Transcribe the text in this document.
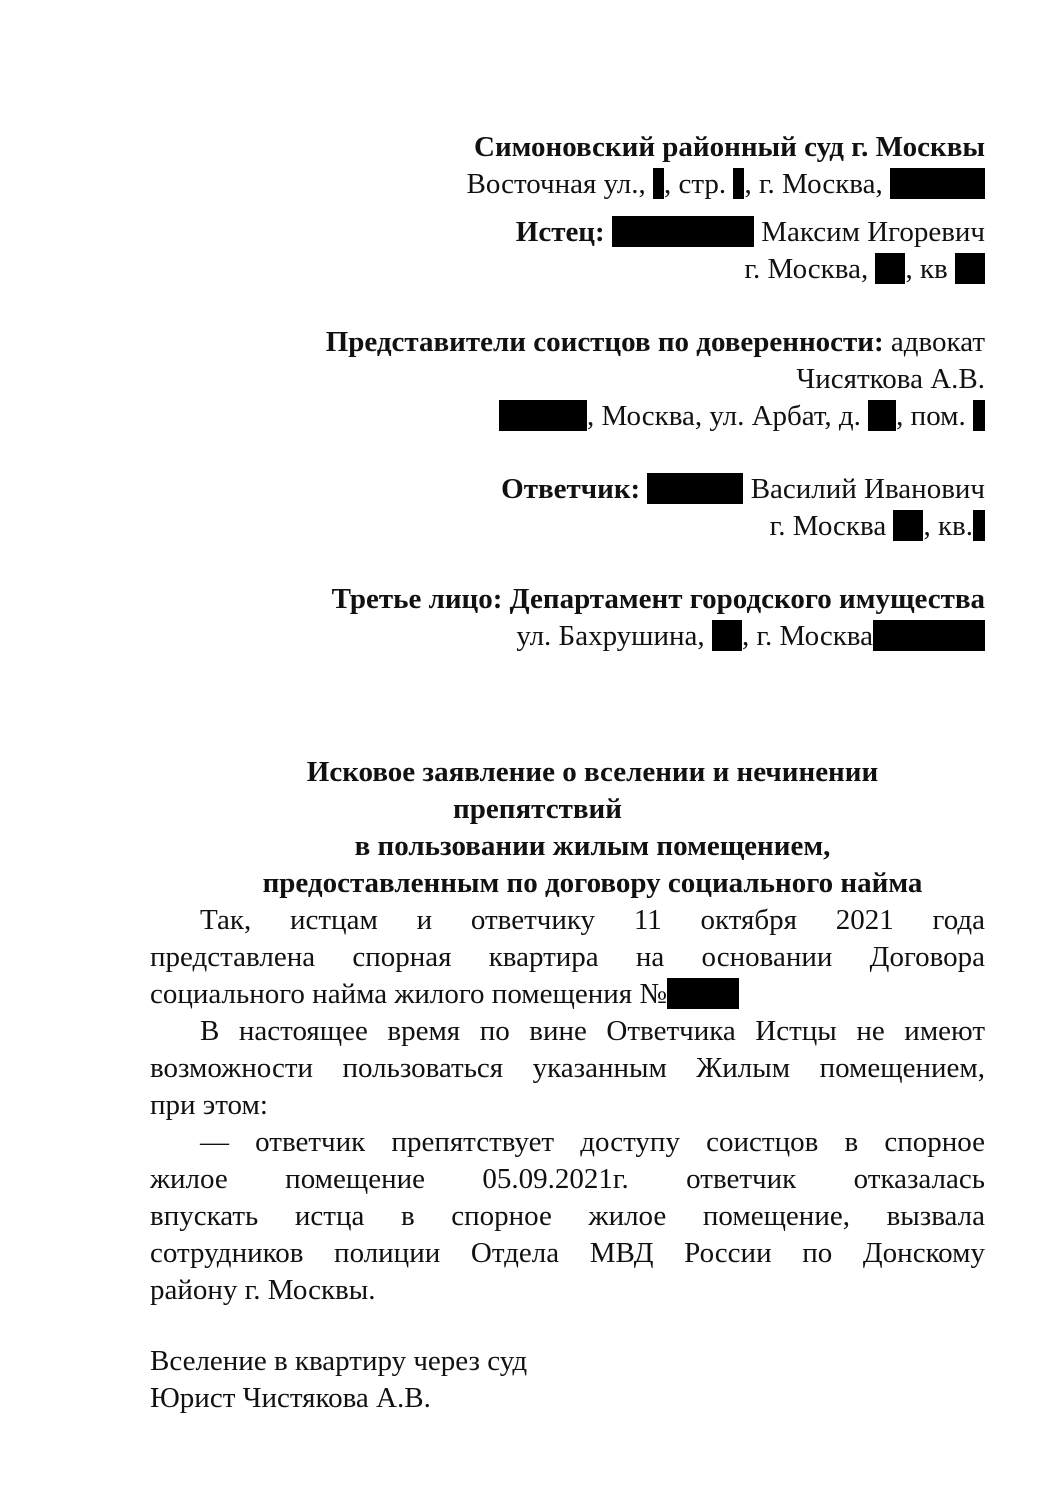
Симоновский районный суд г. Москвы
Восточная ул., , стр. , г. Москва,
Истец:	Максим Игоревич
г. Москва, , кв
Представители соистцов по доверенности: адвокат
Чисяткова А.В.
, Москва, ул. Арбат, д. , пом.
Ответчик:	Василий Иванович
г. Москва , кв.
Третье лицо: Департамент городского имущества
ул. Бахрушина, , г. Москва
Исковое заявление о вселении и нечинении
препятствий
в пользовании жилым помещением,
предоставленным по договору социального найма
Так, истцам и ответчику 11 октября 2021 года
представлена спорная квартира на основании Договора
социального найма жилого помещения №
В настоящее время по вине Ответчика Истцы не имеют
возможности пользоваться указанным Жилым помещением,
при этом:
— ответчик препятствует доступу соистцов в спорное
жилое помещение 05.09.2021г. ответчик отказалась
впускать истца в спорное жилое помещение, вызвала
сотрудников полиции Отдела МВД России по Донскому
району г. Москвы.
Вселение в квартиру через суд
Юрист Чистякова А.В.
